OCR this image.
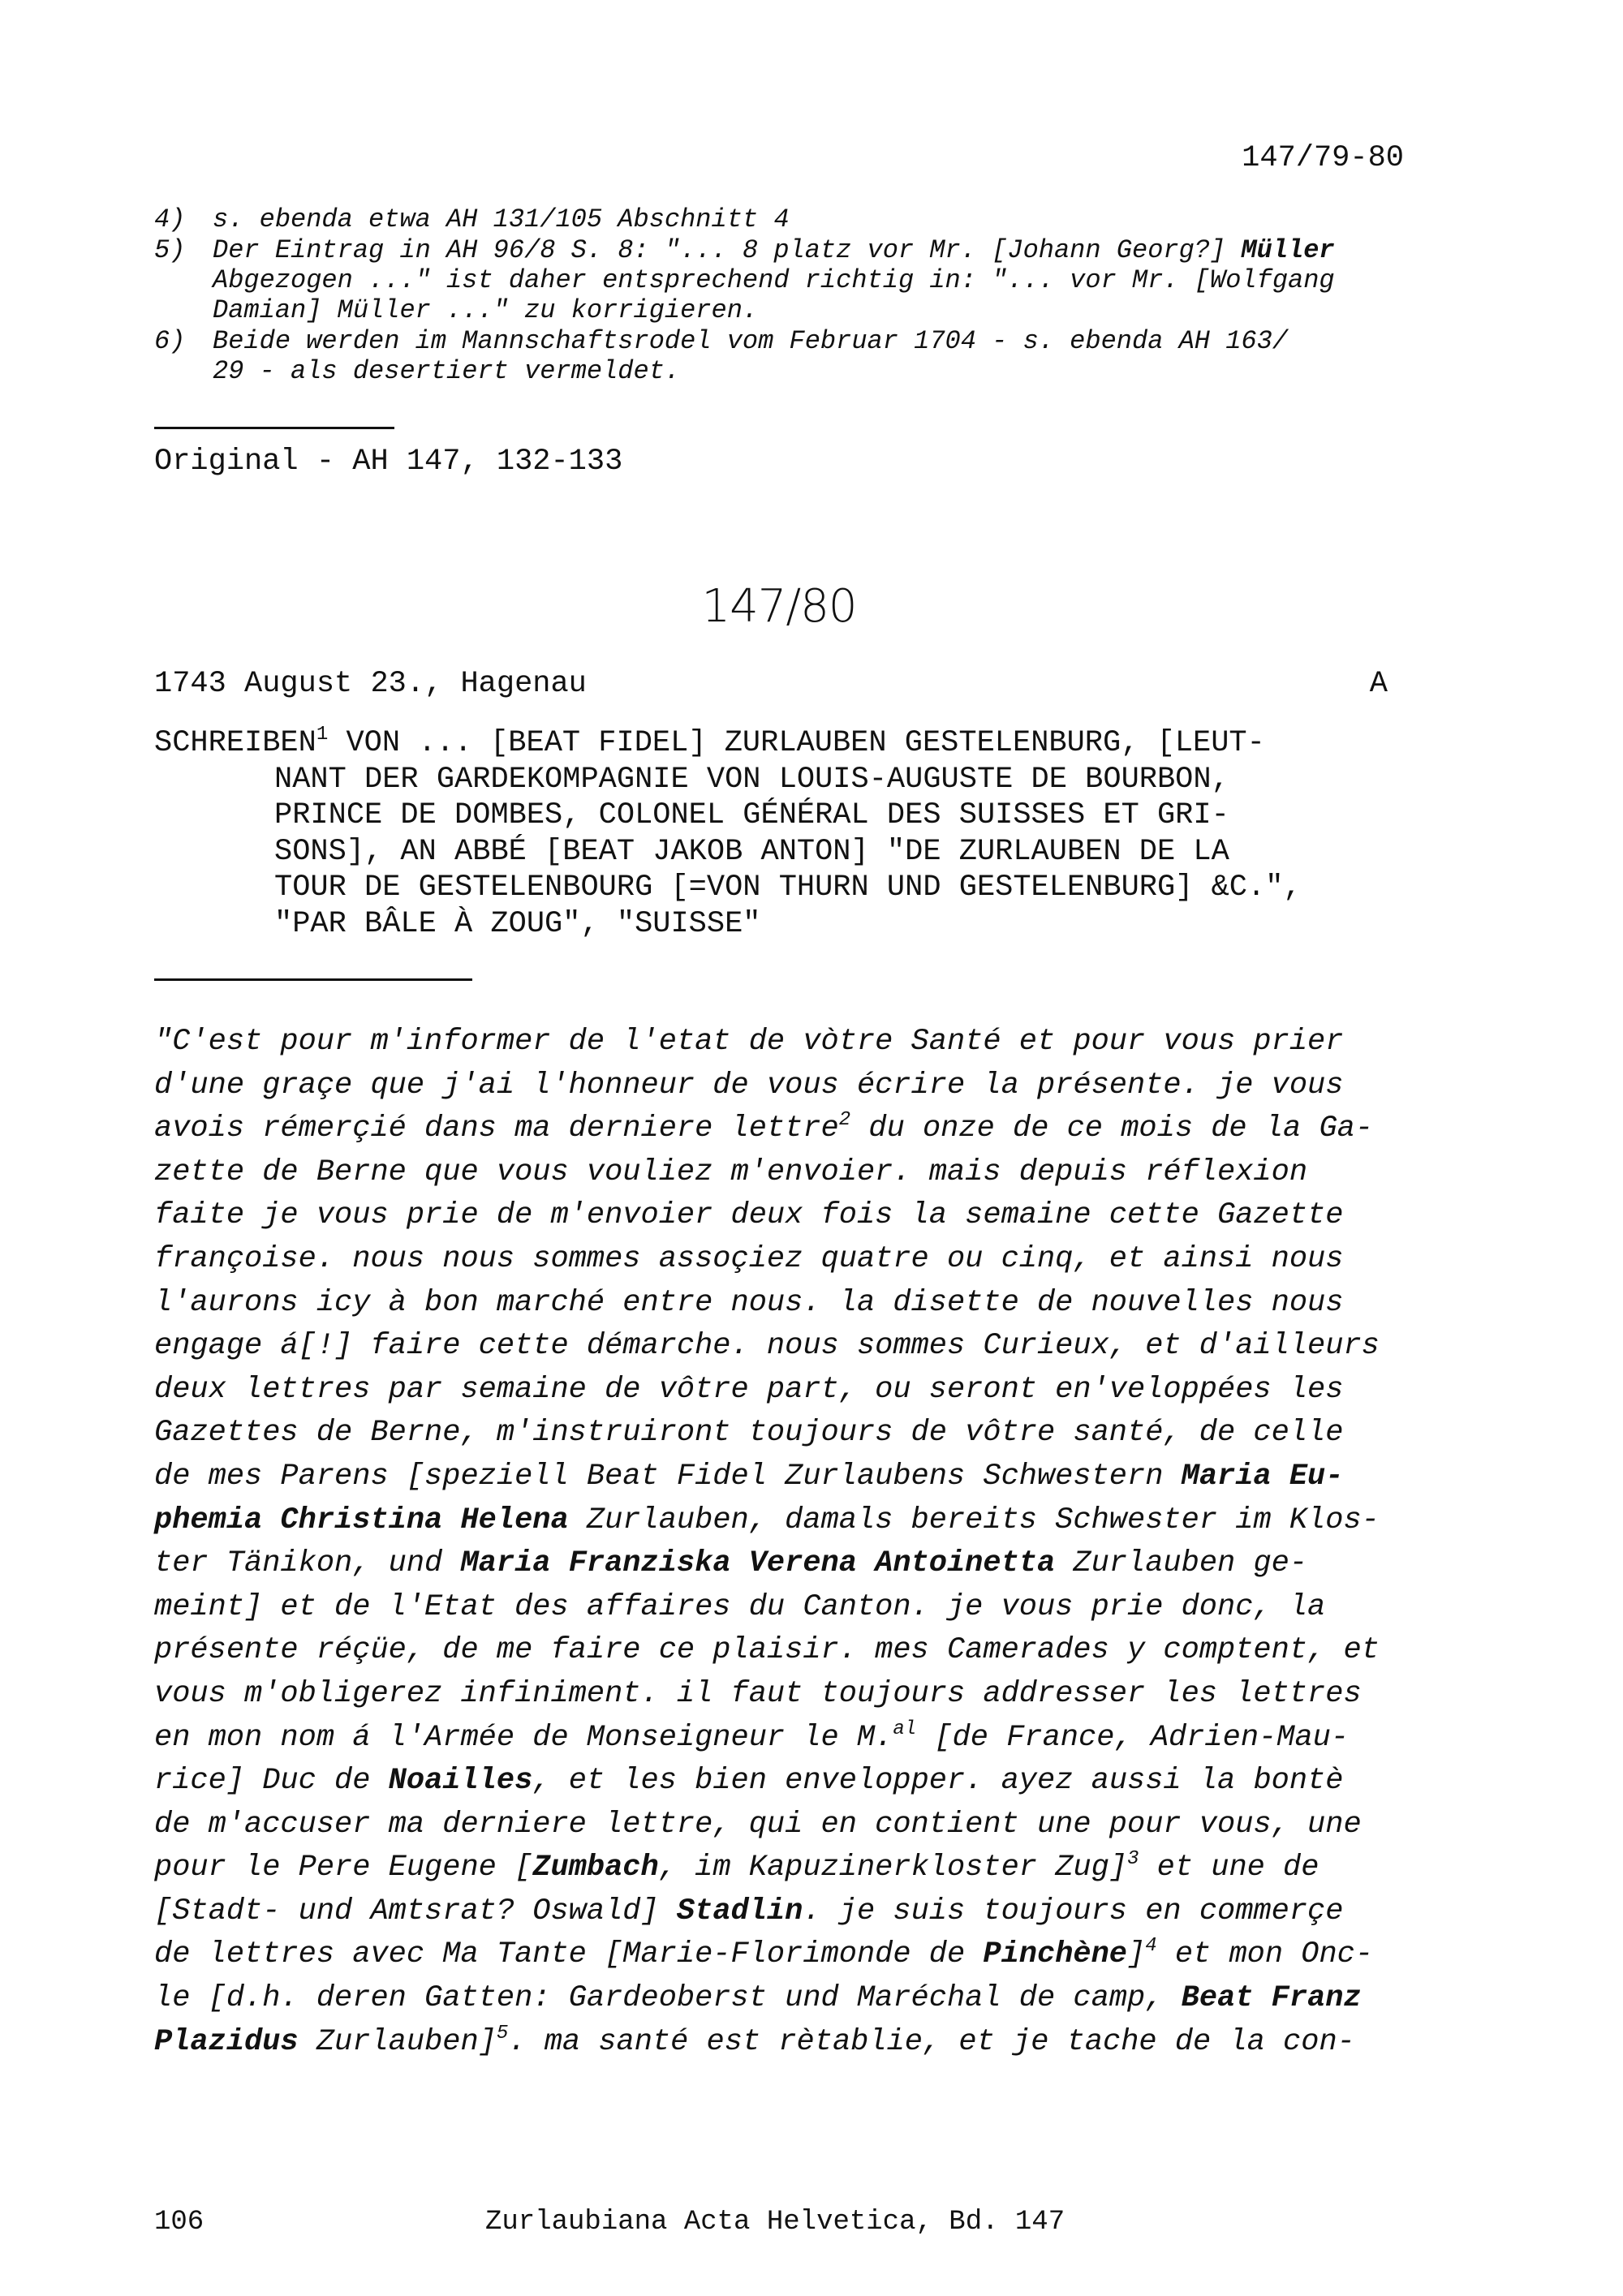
147/79-80
4) s. ebenda etwa AH 131/105 Abschnitt 4
5) Der Eintrag in AH 96/8 S. 8: "... 8 platz vor Mr. [Johann Georg?] Müller
Abgezogen ..." ist daher entsprechend richtig in: "... vor Mr. [Wolfgang
Damian] Müller ..." zu korrigieren.
6) Beide werden im Mannschaftsrodel vom Februar 1704 - s. ebenda AH 163/
29 - als desertiert vermeldet.
Original - AH 147, 132-133
147/80
1743 August 23., Hagenau	A
SCHREIBEN$^1$ VON ... [BEAT FIDEL] ZURLAUBEN GESTELENBURG, [LEUT-
NANT DER GARDEKOMPAGNIE VON LOUIS-AUGUSTE DE BOURBON,
PRINCE DE DOMBES, COLONEL GÉNÉRAL DES SUISSES ET GRI-
SONS], AN ABBÉ [BEAT JAKOB ANTON] "DE ZURLAUBEN DE LA
TOUR DE GESTELENBOURG [=VON THURN UND GESTELENBURG] &C.",
"PAR BÂLE À ZOUG", "SUISSE"
"C'est pour m'informer de l'etat de vòtre Santé et pour vous prier
d'une graçe que j'ai l'honneur de vous écrire la présente. je vous
avois rémerçié dans ma derniere lettre$^2$ du onze de ce mois de la Ga-
zette de Berne que vous vouliez m'envoier. mais depuis réflexion
faite je vous prie de m'envoier deux fois la semaine cette Gazette
françoise. nous nous sommes assoçiez quatre ou cinq, et ainsi nous
l'aurons icy à bon marché entre nous. la disette de nouvelles nous
engage á[!] faire cette démarche. nous sommes Curieux, et d'ailleurs
deux lettres par semaine de vôtre part, ou seront en'veloppées les
Gazettes de Berne, m'instruiront toujours de vôtre santé, de celle
de mes Parens [speziell Beat Fidel Zurlaubens Schwestern Maria Eu-
phemia Christina Helena Zurlauben, damals bereits Schwester im Klos-
ter Tänikon, und Maria Franziska Verena Antoinetta Zurlauben ge-
meint] et de l'Etat des affaires du Canton. je vous prie donc, la
présente réçüe, de me faire ce plaisir. mes Camerades y comptent, et
vous m'obligerez infiniment. il faut toujours addresser les lettres
en mon nom á l'Armée de Monseigneur le M.$^{al}$ [de France, Adrien-Mau-
rice] Duc de Noailles, et les bien envelopper. ayez aussi la bontè
de m'accuser ma derniere lettre, qui en contient une pour vous, une
pour le Pere Eugene [Zumbach, im Kapuzinerkloster Zug]$^3$ et une de
[Stadt- und Amtsrat? Oswald] Stadlin. je suis toujours en commerçe
de lettres avec Ma Tante [Marie-Florimonde de Pinchène]$^4$ et mon Onc-
le [d.h. deren Gatten: Gardeoberst und Maréchal de camp, Beat Franz
Plazidus Zurlauben]$^5$. ma santé est rètablie, et je tache de la con-
106	Zurlaubiana Acta Helvetica, Bd. 147
